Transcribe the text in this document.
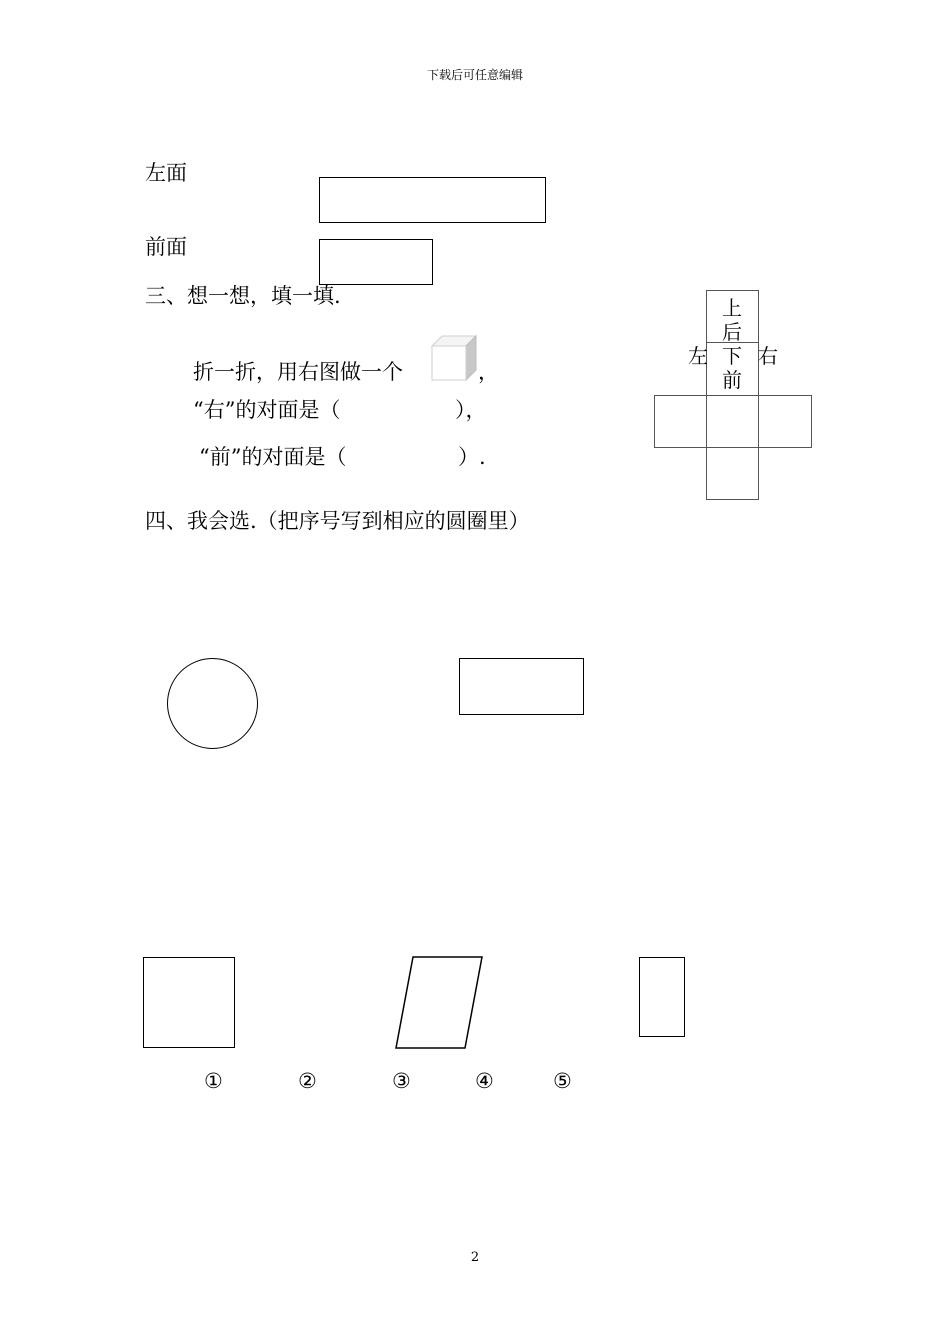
下载后可任意编辑
左面
前面
三、想一想，填一填.
折一折，用右图做一个	，
“右”的对面是（	），
“前”的对面是（	）.
上
后
左 下 右
前
四、我会选.（把序号写到相应的圆圈里）
①	②	③	④	⑤
2
